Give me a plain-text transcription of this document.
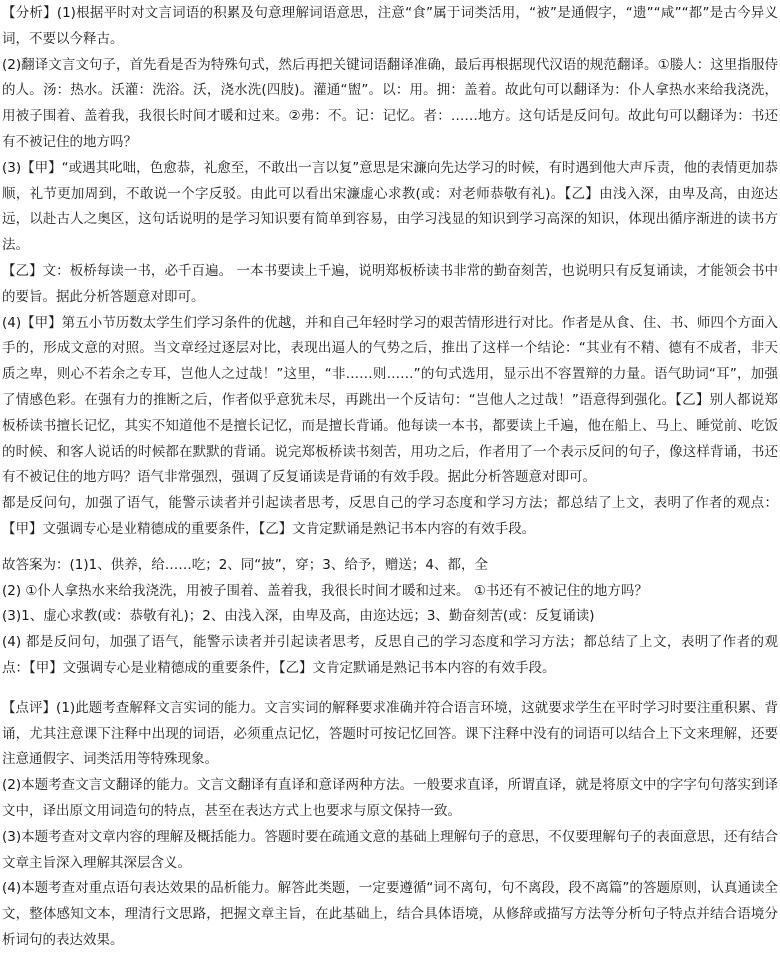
【分析】(1)根据平时对文言词语的积累及句意理解词语意思，注意“食”属于词类活用，“被”是通假字，“遗”“咸”“都”是古今异义词，不要以今释古。

(2)翻译文言文句子，首先看是否为特殊句式，然后再把关键词语翻译准确，最后再根据现代汉语的规范翻译。①媵人：这里指服侍的人。汤：热水。沃灌：洗浴。沃，浇水洗(四肢)。灌通“盥”。以：用。拥：盖着。故此句可以翻译为：仆人拿热水来给我浇洗，用被子围着、盖着我，我很长时间才暖和过来。②弗：不。记：记忆。者：……地方。这句话是反问句。故此句可以翻译为：书还有不被记住的地方吗？

(3)【甲】“或遇其叱咄，色愈恭，礼愈至，不敢出一言以复”意思是宋濂向先达学习的时候，有时遇到他大声斥责，他的表情更加恭顺，礼节更加周到，不敢说一个字反驳。由此可以看出宋濂虚心求教(或：对老师恭敬有礼)。【乙】由浅入深，由卑及高，由迩达远，以赴古人之奥区，这句话说明的是学习知识要有简单到容易，由学习浅显的知识到学习高深的知识，体现出循序渐进的读书方法。

【乙】文：板桥每读一书，必千百遍。 一本书要读上千遍，说明郑板桥读书非常的勤奋刻苦，也说明只有反复诵读，才能领会书中的要旨。据此分析答题意对即可。

(4)【甲】第五小节历数太学生们学习条件的优越，并和自己年轻时学习的艰苦情形进行对比。作者是从食、住、书、师四个方面入手的，形成文意的对照。当文章经过逐层对比，表现出逼人的气势之后，推出了这样一个结论：“其业有不精、德有不成者，非天质之卑，则心不若余之专耳，岂他人之过哉！”这里，“非……则……”的句式选用，显示出不容置辩的力量。语气助词“耳”，加强了情感色彩。在强有力的推断之后，作者似乎意犹未尽，再跳出一个反诘句：“岂他人之过哉！”语意得到强化。【乙】别人都说郑板桥读书擅长记忆，其实不知道他不是擅长记忆，而是擅长背诵。他每读一本书，都要读上千遍，他在船上、马上、睡觉前、吃饭的时候、和客人说话的时候都在默默的背诵。说完郑板桥读书刻苦，用功之后，作者用了一个表示反问的句子，像这样背诵，书还有不被记住的地方吗？语气非常强烈，强调了反复诵读是背诵的有效手段。据此分析答题意对即可。

都是反问句，加强了语气，能警示读者并引起读者思考，反思自己的学习态度和学习方法；都总结了上文，表明了作者的观点：【甲】文强调专心是业精德成的重要条件，【乙】文肯定默诵是熟记书本内容的有效手段。

故答案为：(1)1、供养，给……吃；2、同“披”，穿；3、给予，赠送；4、都，全

(2) ①仆人拿热水来给我浇洗，用被子围着、盖着我，我很长时间才暖和过来。 ①书还有不被记住的地方吗？

(3)1、虚心求教(或：恭敬有礼)；2、由浅入深，由卑及高，由迩达远；3、勤奋刻苦(或：反复诵读)

(4) 都是反问句，加强了语气，能警示读者并引起读者思考，反思自己的学习态度和学习方法；都总结了上文，表明了作者的观点：【甲】文强调专心是业精德成的重要条件，【乙】文肯定默诵是熟记书本内容的有效手段。

【点评】(1)此题考查解释文言实词的能力。文言实词的解释要求准确并符合语言环境，这就要求学生在平时学习时要注重积累、背诵，尤其注意课下注释中出现的词语，必须重点记忆，答题时可按记忆回答。课下注释中没有的词语可以结合上下文来理解，还要注意通假字、词类活用等特殊现象。

(2)本题考查文言文翻译的能力。文言文翻译有直译和意译两种方法。一般要求直译，所谓直译，就是将原文中的字字句句落实到译文中，译出原文用词造句的特点，甚至在表达方式上也要求与原文保持一致。

(3)本题考查对文章内容的理解及概括能力。答题时要在疏通文意的基础上理解句子的意思，不仅要理解句子的表面意思，还有结合文章主旨深入理解其深层含义。

(4)本题考查对重点语句表达效果的品析能力。解答此类题，一定要遵循“词不离句，句不离段，段不离篇”的答题原则，认真通读全文，整体感知文本，理清行文思路，把握文章主旨，在此基础上，结合具体语境，从修辞或描写方法等分析句子特点并结合语境分析词句的表达效果。
